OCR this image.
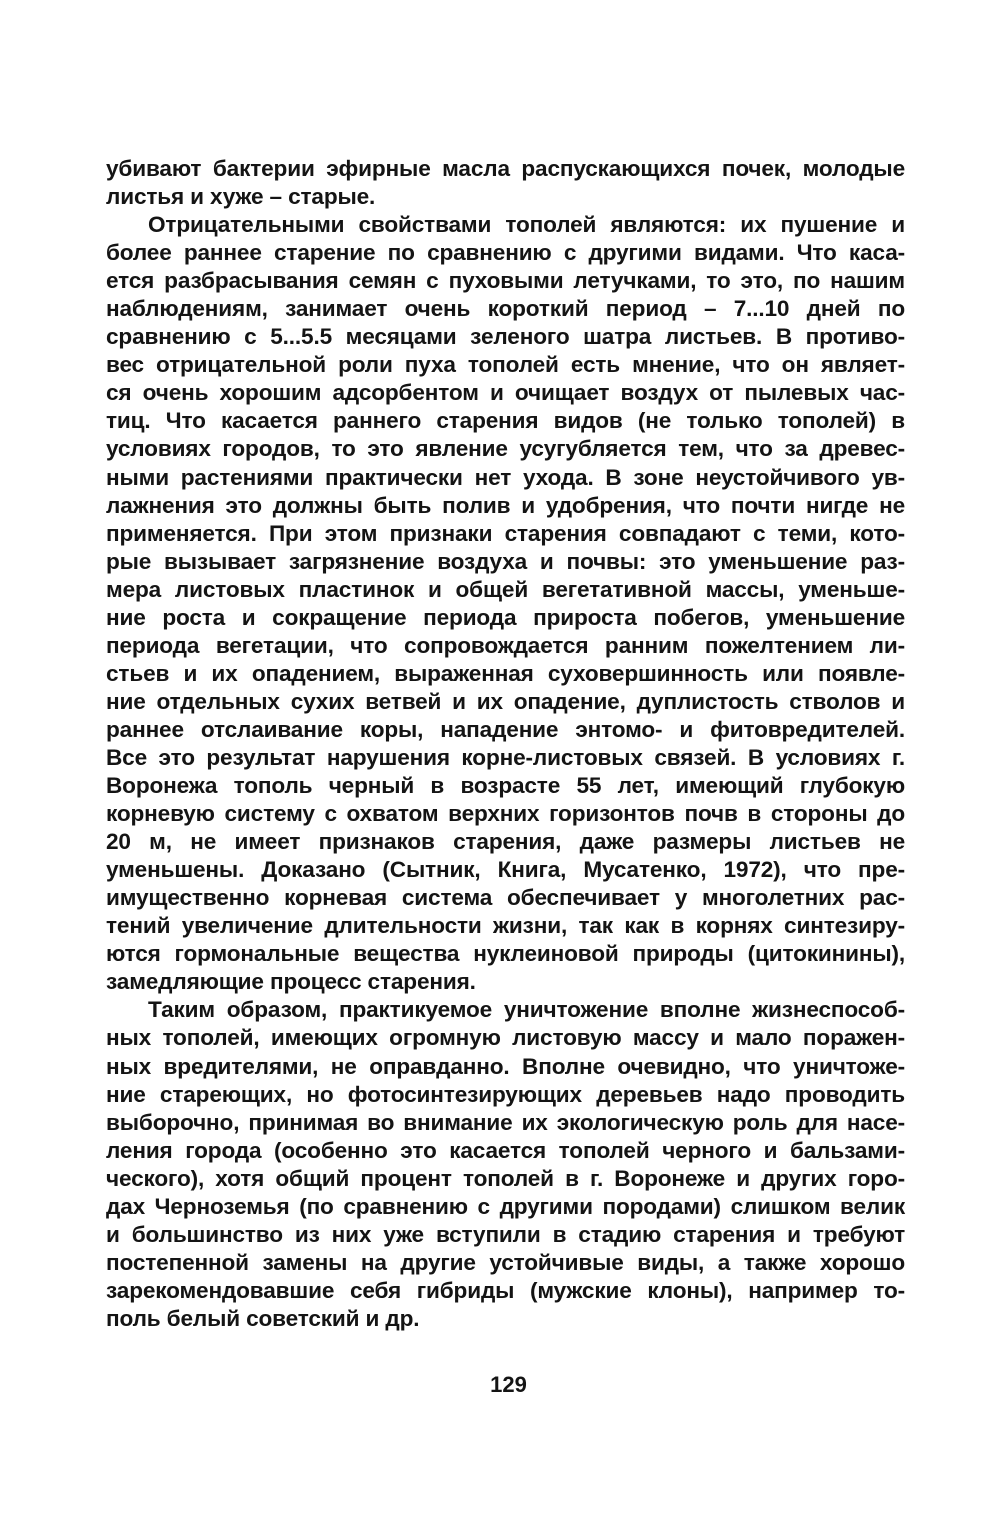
убивают бактерии эфирные масла распускающихся почек, молодые
листья и хуже – старые.
Отрицательными свойствами тополей являются: их пушение и
более раннее старение по сравнению с другими видами. Что каса-
ется разбрасывания семян с пуховыми летучками, то это, по нашим
наблюдениям, занимает очень короткий период – 7...10 дней по
сравнению с 5...5.5 месяцами зеленого шатра листьев. В противо-
вес отрицательной роли пуха тополей есть мнение, что он являет-
ся очень хорошим адсорбентом и очищает воздух от пылевых час-
тиц. Что касается раннего старения видов (не только тополей) в
условиях городов, то это явление усугубляется тем, что за древес-
ными растениями практически нет ухода. В зоне неустойчивого ув-
лажнения это должны быть полив и удобрения, что почти нигде не
применяется. При этом признаки старения совпадают с теми, кото-
рые вызывает загрязнение воздуха и почвы: это уменьшение раз-
мера листовых пластинок и общей вегетативной массы, уменьше-
ние роста и сокращение периода прироста побегов, уменьшение
периода вегетации, что сопровождается ранним пожелтением ли-
стьев и их опадением, выраженная суховершинность или появле-
ние отдельных сухих ветвей и их опадение, дуплистость стволов и
раннее отслаивание коры, нападение энтомо- и фитовредителей.
Все это результат нарушения корне-листовых связей. В условиях г.
Воронежа тополь черный в возрасте 55 лет, имеющий глубокую
корневую систему с охватом верхних горизонтов почв в стороны до
20 м, не имеет признаков старения, даже размеры листьев не
уменьшены. Доказано (Сытник, Книга, Мусатенко, 1972), что пре-
имущественно корневая система обеспечивает у многолетних рас-
тений увеличение длительности жизни, так как в корнях синтезиру-
ются гормональные вещества нуклеиновой природы (цитокинины),
замедляющие процесс старения.
Таким образом, практикуемое уничтожение вполне жизнеспособ-
ных тополей, имеющих огромную листовую массу и мало поражен-
ных вредителями, не оправданно. Вполне очевидно, что уничтоже-
ние стареющих, но фотосинтезирующих деревьев надо проводить
выборочно, принимая во внимание их экологическую роль для насе-
ления города (особенно это касается тополей черного и бальзами-
ческого), хотя общий процент тополей в г. Воронеже и других горо-
дах Черноземья (по сравнению с другими породами) слишком велик
и большинство из них уже вступили в стадию старения и требуют
постепенной замены на другие устойчивые виды, а также хорошо
зарекомендовавшие себя гибриды (мужские клоны), например то-
поль белый советский и др.
129
